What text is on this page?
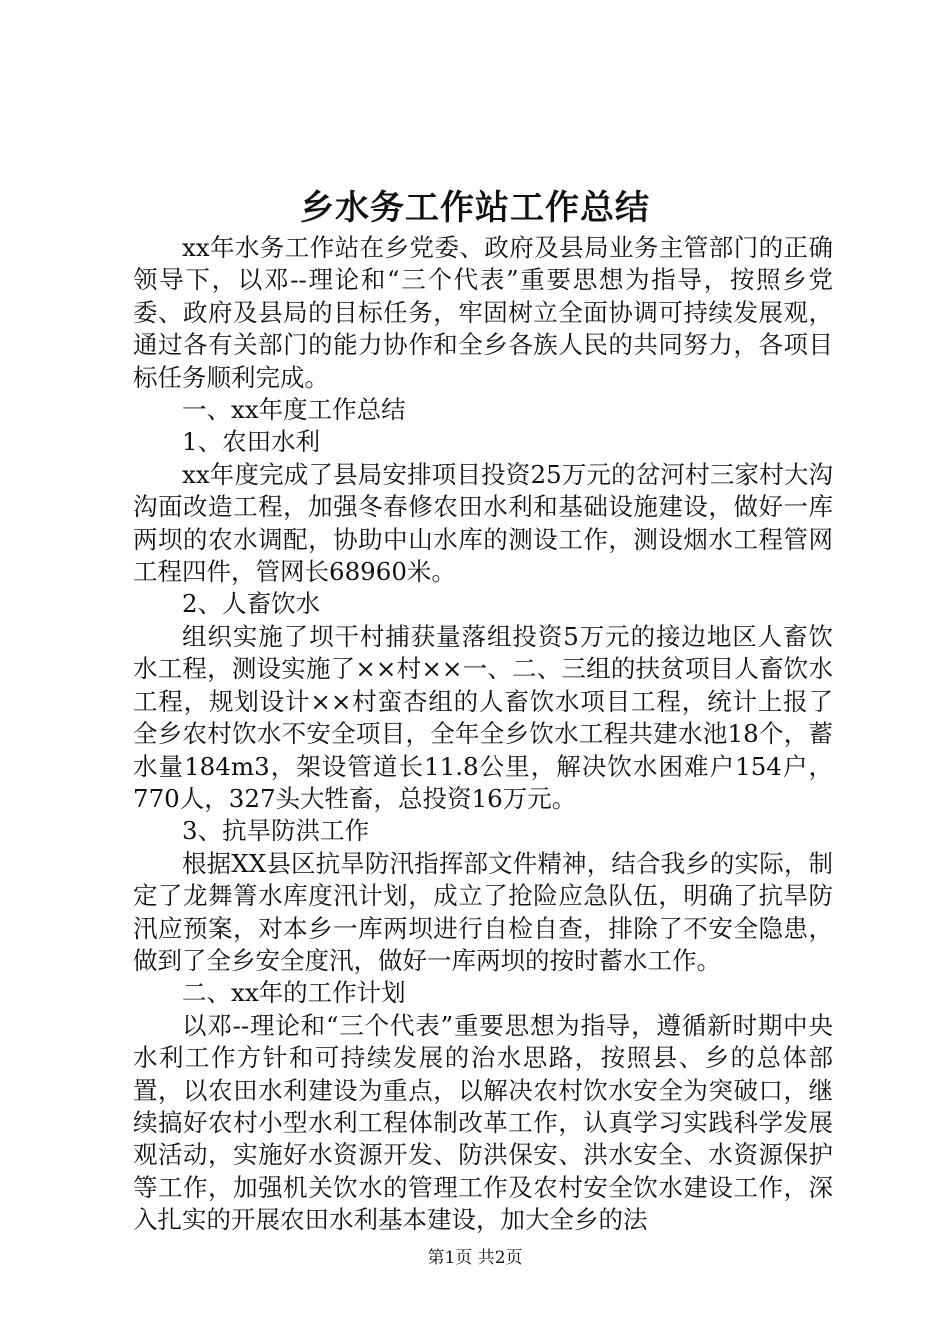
乡水务工作站工作总结

xx年水务工作站在乡党委、政府及县局业务主管部门的正确领导下，以邓--理论和“三个代表”重要思想为指导，按照乡党委、政府及县局的目标任务，牢固树立全面协调可持续发展观，通过各有关部门的能力协作和全乡各族人民的共同努力，各项目标任务顺利完成。

一、xx年度工作总结

1、农田水利

xx年度完成了县局安排项目投资25万元的岔河村三家村大沟沟面改造工程，加强冬春修农田水利和基础设施建设，做好一库两坝的农水调配，协助中山水库的测设工作，测设烟水工程管网工程四件，管网长68960米。

2、人畜饮水

组织实施了坝干村捕获量落组投资5万元的接边地区人畜饮水工程，测设实施了××村××一、二、三组的扶贫项目人畜饮水工程，规划设计××村蛮杏组的人畜饮水项目工程，统计上报了全乡农村饮水不安全项目，全年全乡饮水工程共建水池18个，蓄水量184m3，架设管道长11.8公里，解决饮水困难户154户，770人，327头大牲畜，总投资16万元。

3、抗旱防洪工作

根据XX县区抗旱防汛指挥部文件精神，结合我乡的实际，制定了龙舞箐水库度汛计划，成立了抢险应急队伍，明确了抗旱防汛应预案，对本乡一库两坝进行自检自查，排除了不安全隐患，做到了全乡安全度汛，做好一库两坝的按时蓄水工作。

二、xx年的工作计划

以邓--理论和“三个代表”重要思想为指导，遵循新时期中央水利工作方针和可持续发展的治水思路，按照县、乡的总体部置，以农田水利建设为重点，以解决农村饮水安全为突破口，继续搞好农村小型水利工程体制改革工作，认真学习实践科学发展观活动，实施好水资源开发、防洪保安、洪水安全、水资源保护等工作，加强机关饮水的管理工作及农村安全饮水建设工作，深入扎实的开展农田水利基本建设，加大全乡的法

第1页 共2页
